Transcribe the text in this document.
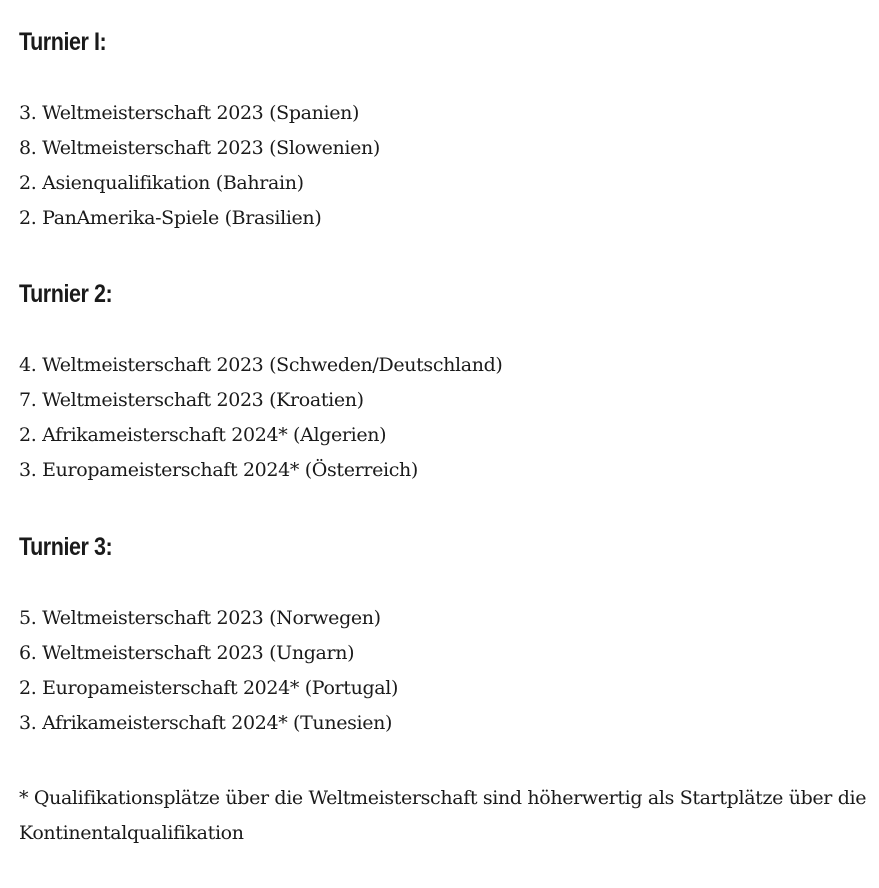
Turnier I:
3. Weltmeisterschaft 2023 (Spanien)
8. Weltmeisterschaft 2023 (Slowenien)
2. Asienqualifikation (Bahrain)
2. PanAmerika-Spiele (Brasilien)
Turnier 2:
4. Weltmeisterschaft 2023 (Schweden/Deutschland)
7. Weltmeisterschaft 2023 (Kroatien)
2. Afrikameisterschaft 2024* (Algerien)
3. Europameisterschaft 2024* (Österreich)
Turnier 3:
5. Weltmeisterschaft 2023 (Norwegen)
6. Weltmeisterschaft 2023 (Ungarn)
2. Europameisterschaft 2024* (Portugal)
3. Afrikameisterschaft 2024* (Tunesien)

* Qualifikationsplätze über die Weltmeisterschaft sind höherwertig als Startplätze über die Kontinentalqualifikation
